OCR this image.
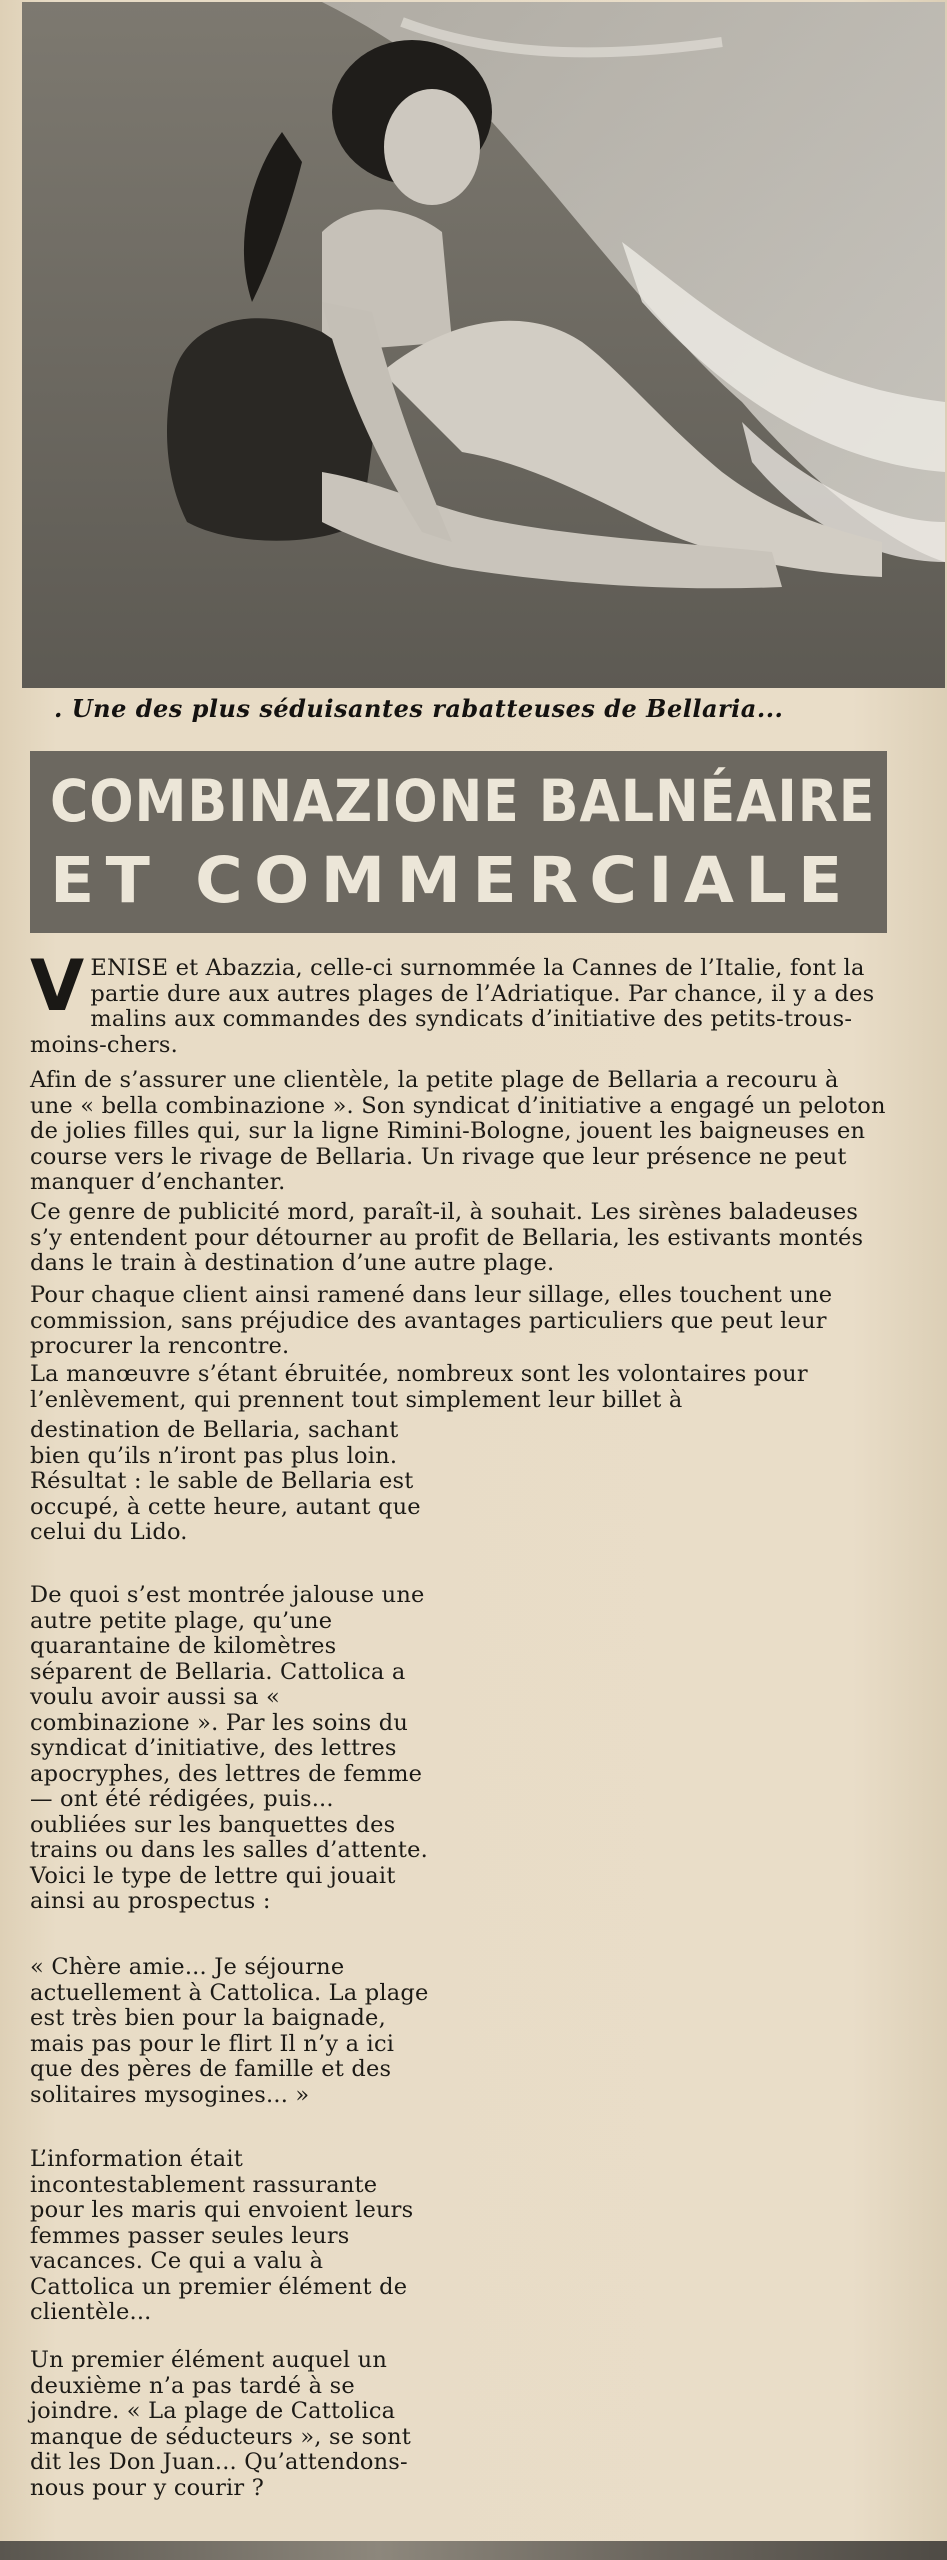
. Une des plus séduisantes rabatteuses de Bellaria...
COMBINAZIONE BALNÉAIRE
ET COMMERCIALE

VENISE et Abazzia, celle-ci surnommée la Cannes de l’Italie, font la partie dure aux autres plages de l’Adriatique. Par chance, il y a des malins aux commandes des syndicats d’initiative des petits-trous-moins-chers.

Afin de s’assurer une clientèle, la petite plage de Bellaria a recouru à une « bella combinazione ». Son syndicat d’initiative a engagé un peloton de jolies filles qui, sur la ligne Rimini-Bologne, jouent les baigneuses en course vers le rivage de Bellaria. Un rivage que leur présence ne peut manquer d’enchanter.

Ce genre de publicité mord, paraît-il, à souhait. Les sirènes baladeuses s’y entendent pour détourner au profit de Bellaria, les estivants montés dans le train à destination d’une autre plage.

Pour chaque client ainsi ramené dans leur sillage, elles touchent une commission, sans préjudice des avantages particuliers que peut leur procurer la rencontre.

La manœuvre s’étant ébruitée, nombreux sont les volontaires pour l’enlèvement, qui prennent tout simplement leur billet à

destination de Bellaria, sachant bien qu’ils n’iront pas plus loin. Résultat : le sable de Bellaria est occupé, à cette heure, autant que celui du Lido.

De quoi s’est montrée jalouse une autre petite plage, qu’une quarantaine de kilomètres séparent de Bellaria. Cattolica a voulu avoir aussi sa « combinazione ». Par les soins du syndicat d’initiative, des lettres apocryphes, des lettres de femme — ont été rédigées, puis... oubliées sur les banquettes des trains ou dans les salles d’attente. Voici le type de lettre qui jouait ainsi au prospectus :

« Chère amie... Je séjourne actuellement à Cattolica. La plage est très bien pour la baignade, mais pas pour le flirt Il n’y a ici que des pères de famille et des solitaires mysogines... »

L’information était incontestablement rassurante pour les maris qui envoient leurs femmes passer seules leurs vacances. Ce qui a valu à Cattolica un premier élément de clientèle...

Un premier élément auquel un deuxième n’a pas tardé à se joindre. « La plage de Cattolica manque de séducteurs », se sont dit les Don Juan... Qu’attendons-nous pour y courir ?
